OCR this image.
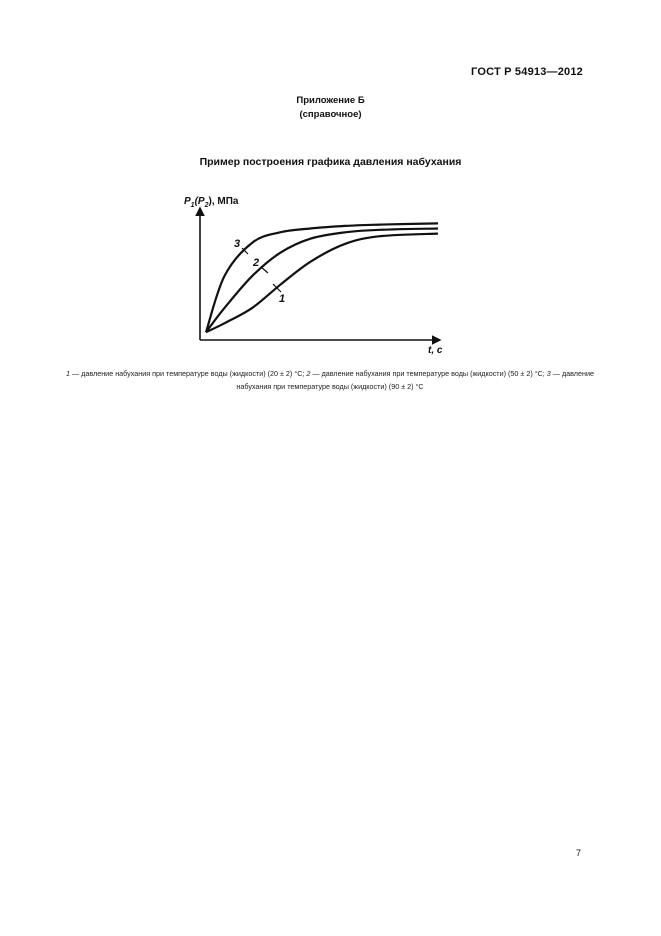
ГОСТ Р 54913—2012
Приложение Б
(справочное)
Пример построения графика давления набухания
$P_1(P_2)$, МПа
t, с
3
2
1
1 — давление набухания при температуре воды (жидкости) (20 ± 2) °С; 2 — давление набухания при температуре воды (жидкости) (50 ± 2) °С; 3 — давление набухания при температуре воды (жидкости) (90 ± 2) °С
7
